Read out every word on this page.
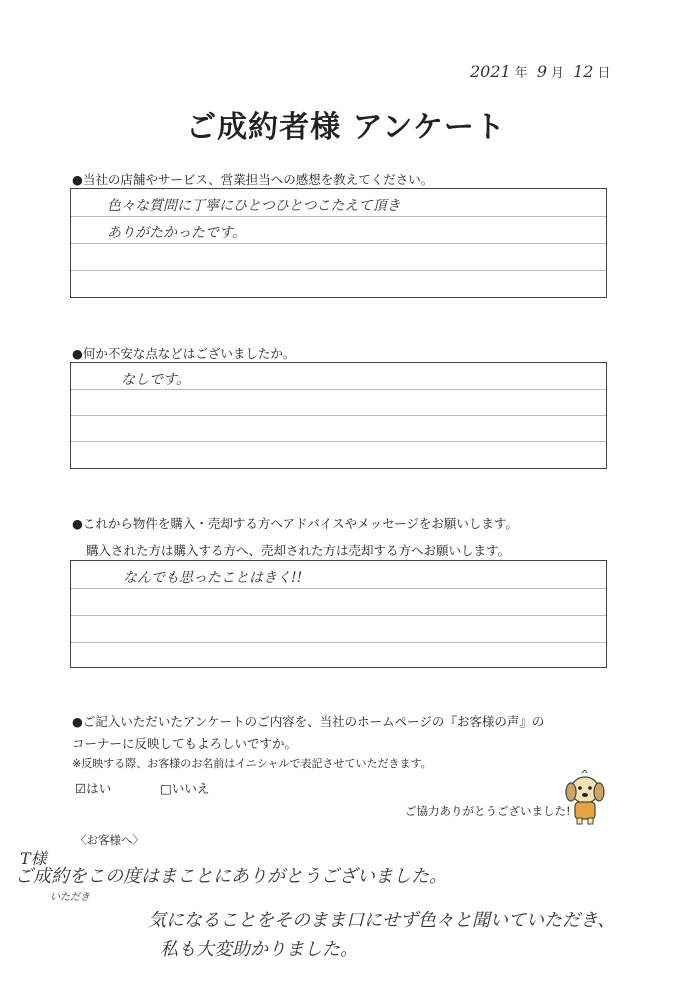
2021 年 9 月 12 日
ご成約者様 アンケート
●当社の店舗やサービス、営業担当への感想を教えてください。
色々な質問に丁寧にひとつひとつこたえて頂き
ありがたかったです。
●何か不安な点などはございましたか。
なしです。
●これから物件を購入・売却する方へアドバイスやメッセージをお願いします。
購入された方は購入する方へ、売却された方は売却する方へお願いします。
なんでも思ったことはきく!!
●ご記入いただいたアンケートのご内容を、当社のホームページの『お客様の声』の
コーナーに反映してもよろしいですか。
※反映する際、お客様のお名前はイニシャルで表記させていただきます。
☑はい	□いいえ
ご協力ありがとうございました!
〈お客様へ〉
T様
ご成約をこの度はまことにありがとうございました。
いただき
気になることをそのまま口にせず色々と聞いていただき、
私も大変助かりました。
